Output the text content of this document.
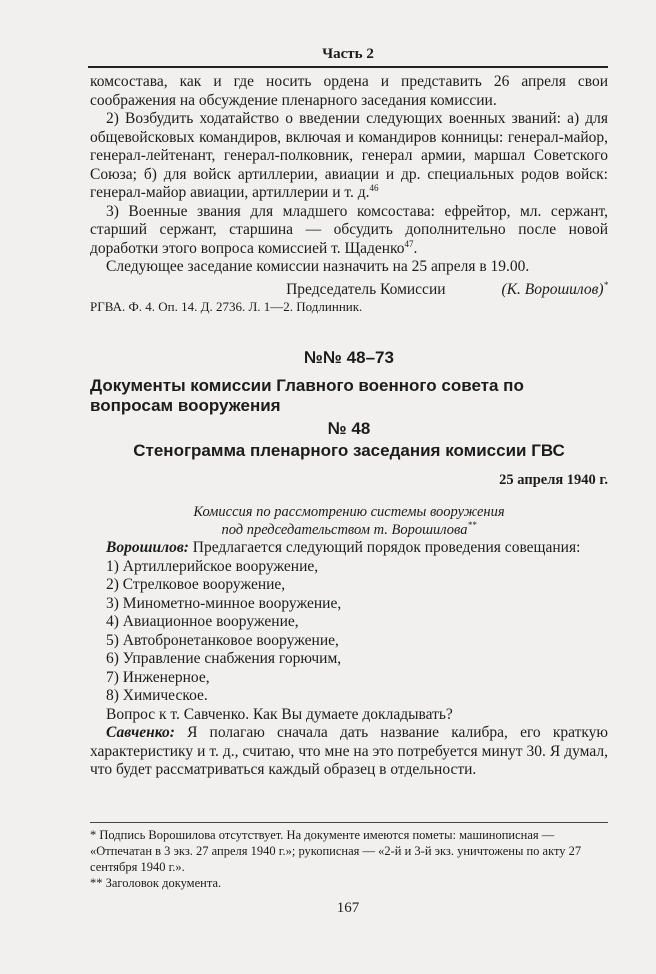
Часть 2

комсостава, как и где носить ордена и представить 26 апреля свои соображения на обсуждение пленарного заседания комиссии.

2) Возбудить ходатайство о введении следующих военных званий: а) для общевойсковых командиров, включая и командиров конницы: генерал-майор, генерал-лейтенант, генерал-полковник, генерал армии, маршал Советского Союза; б) для войск артиллерии, авиации и др. специальных родов войск: генерал-майор авиации, артиллерии и т. д.$^{46}$

3) Военные звания для младшего комсостава: ефрейтор, мл. сержант, старший сержант, старшина — обсудить дополнительно после новой доработки этого вопроса комиссией т. Щаденко$^{47}$.

Следующее заседание комиссии назначить на 25 апреля в 19.00.

Председатель Комиссии	(К. Ворошилов)*

РГВА. Ф. 4. Оп. 14. Д. 2736. Л. 1—2. Подлинник.

№№ 48–73
Документы комиссии Главного военного совета по вопросам вооружения
№ 48
Стенограмма пленарного заседания комиссии ГВС
25 апреля 1940 г.
Комиссия по рассмотрению системы вооружения
под председательством т. Ворошилова**

Ворошилов: Предлагается следующий порядок проведения совещания:

1) Артиллерийское вооружение,

2) Стрелковое вооружение,

3) Минометно-минное вооружение,

4) Авиационное вооружение,

5) Автобронетанковое вооружение,

6) Управление снабжения горючим,

7) Инженерное,

8) Химическое.

Вопрос к т. Савченко. Как Вы думаете докладывать?

Савченко: Я полагаю сначала дать название калибра, его краткую характеристику и т. д., считаю, что мне на это потребуется минут 30. Я думал, что будет рассматриваться каждый образец в отдельности.

* Подпись Ворошилова отсутствует. На документе имеются пометы: машинописная — «Отпечатан в 3 экз. 27 апреля 1940 г.»; рукописная — «2-й и 3-й экз. уничтожены по акту 27 сентября 1940 г.».

** Заголовок документа.

167
